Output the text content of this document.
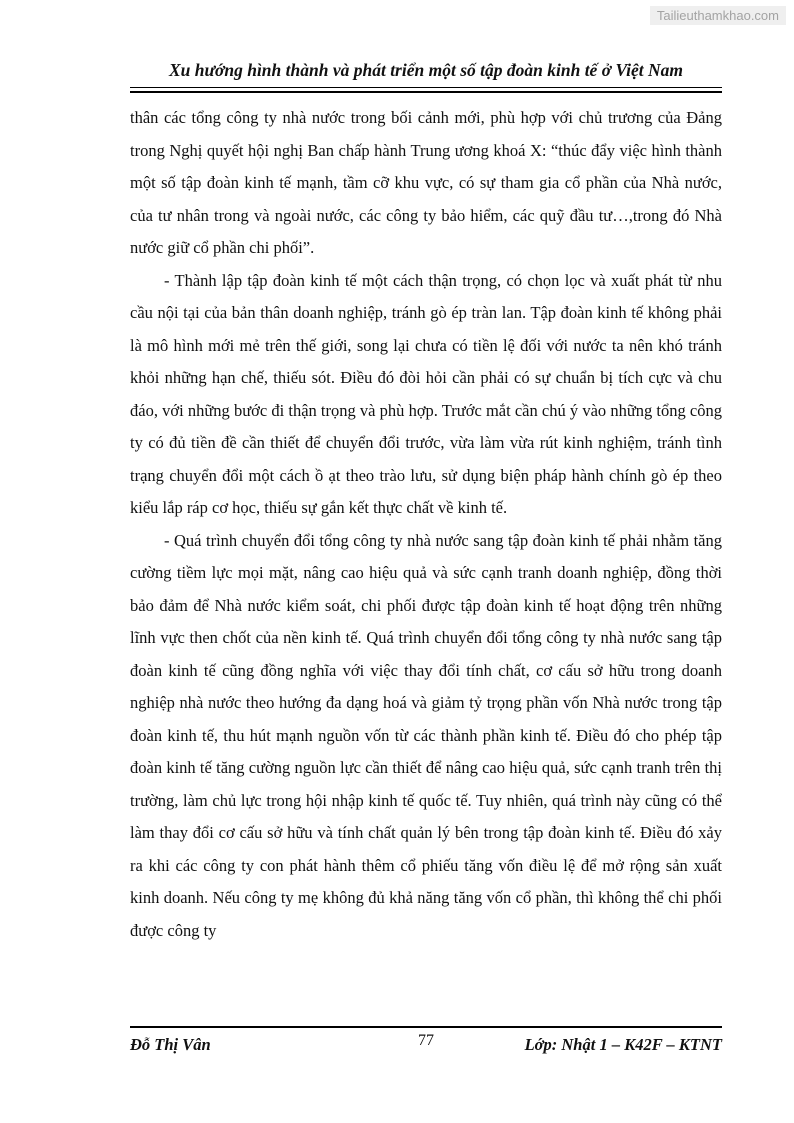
Tailieuthamkhao.com
Xu hướng hình thành và phát triển một số tập đoàn kinh tế ở Việt Nam

thân các tổng công ty nhà nước trong bối cảnh mới, phù hợp với chủ trương của Đảng trong Nghị quyết hội nghị Ban chấp hành Trung ương khoá X: “thúc đẩy việc hình thành một số tập đoàn kinh tế mạnh, tầm cỡ khu vực, có sự tham gia cổ phần của Nhà nước, của tư nhân trong và ngoài nước, các công ty bảo hiểm, các quỹ đầu tư…,trong đó Nhà nước giữ cổ phần chi phối”.

- Thành lập tập đoàn kinh tế một cách thận trọng, có chọn lọc và xuất phát từ nhu cầu nội tại của bản thân doanh nghiệp, tránh gò ép tràn lan. Tập đoàn kinh tế không phải là mô hình mới mẻ trên thế giới, song lại chưa có tiền lệ đối với nước ta nên khó tránh khỏi những hạn chế, thiếu sót. Điều đó đòi hỏi cần phải có sự chuẩn bị tích cực và chu đáo, với những bước đi thận trọng và phù hợp. Trước mắt cần chú ý vào những tổng công ty có đủ tiền đề cần thiết để chuyển đổi trước, vừa làm vừa rút kinh nghiệm, tránh tình trạng chuyển đổi một cách ồ ạt theo trào lưu, sử dụng biện pháp hành chính gò ép theo kiểu lắp ráp cơ học, thiếu sự gắn kết thực chất về kinh tế.

- Quá trình chuyển đổi tổng công ty nhà nước sang tập đoàn kinh tế phải nhằm tăng cường tiềm lực mọi mặt, nâng cao hiệu quả và sức cạnh tranh doanh nghiệp, đồng thời bảo đảm để Nhà nước kiểm soát, chi phối được tập đoàn kinh tế hoạt động trên những lĩnh vực then chốt của nền kinh tế. Quá trình chuyển đổi tổng công ty nhà nước sang tập đoàn kinh tế cũng đồng nghĩa với việc thay đổi tính chất, cơ cấu sở hữu trong doanh nghiệp nhà nước theo hướng đa dạng hoá và giảm tỷ trọng phần vốn Nhà nước trong tập đoàn kinh tế, thu hút mạnh nguồn vốn từ các thành phần kinh tế. Điều đó cho phép tập đoàn kinh tế tăng cường nguồn lực cần thiết để nâng cao hiệu quả, sức cạnh tranh trên thị trường, làm chủ lực trong hội nhập kinh tế quốc tế. Tuy nhiên, quá trình này cũng có thể làm thay đổi cơ cấu sở hữu và tính chất quản lý bên trong tập đoàn kinh tế. Điều đó xảy ra khi các công ty con phát hành thêm cổ phiếu tăng vốn điều lệ để mở rộng sản xuất kinh doanh. Nếu công ty mẹ không đủ khả năng tăng vốn cổ phần, thì không thể chi phối được công ty

Đỗ Thị Vân	77	Lớp: Nhật 1 – K42F – KTNT
